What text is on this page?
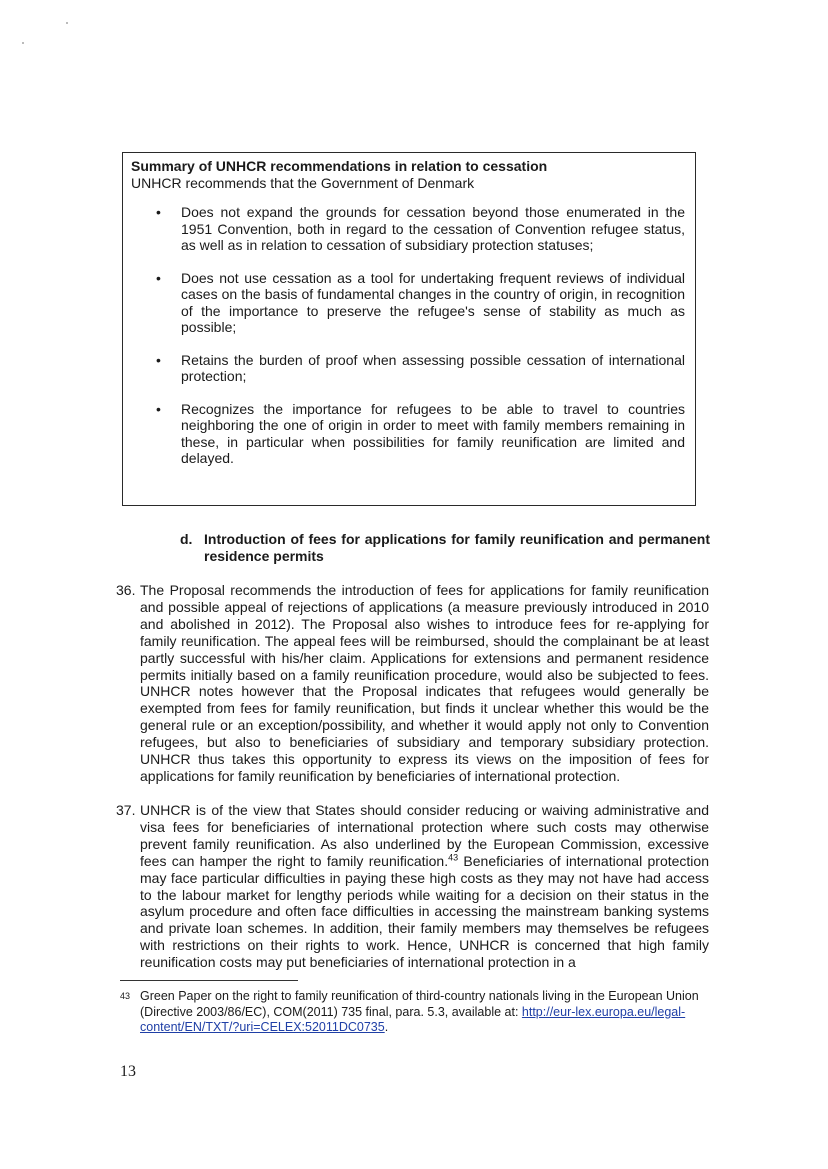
Summary of UNHCR recommendations in relation to cessation

UNHCR recommends that the Government of Denmark

• Does not expand the grounds for cessation beyond those enumerated in the 1951 Convention, both in regard to the cessation of Convention refugee status, as well as in relation to cessation of subsidiary protection statuses;
• Does not use cessation as a tool for undertaking frequent reviews of individual cases on the basis of fundamental changes in the country of origin, in recognition of the importance to preserve the refugee's sense of stability as much as possible;
• Retains the burden of proof when assessing possible cessation of international protection;
• Recognizes the importance for refugees to be able to travel to countries neighboring the one of origin in order to meet with family members remaining in these, in particular when possibilities for family reunification are limited and delayed.
d. Introduction of fees for applications for family reunification and permanent residence permits
36. The Proposal recommends the introduction of fees for applications for family reunification and possible appeal of rejections of applications (a measure previously introduced in 2010 and abolished in 2012). The Proposal also wishes to introduce fees for re-applying for family reunification. The appeal fees will be reimbursed, should the complainant be at least partly successful with his/her claim. Applications for extensions and permanent residence permits initially based on a family reunification procedure, would also be subjected to fees. UNHCR notes however that the Proposal indicates that refugees would generally be exempted from fees for family reunification, but finds it unclear whether this would be the general rule or an exception/possibility, and whether it would apply not only to Convention refugees, but also to beneficiaries of subsidiary and temporary subsidiary protection. UNHCR thus takes this opportunity to express its views on the imposition of fees for applications for family reunification by beneficiaries of international protection.
37. UNHCR is of the view that States should consider reducing or waiving administrative and visa fees for beneficiaries of international protection where such costs may otherwise prevent family reunification. As also underlined by the European Commission, excessive fees can hamper the right to family reunification.$^{43}$ Beneficiaries of international protection may face particular difficulties in paying these high costs as they may not have had access to the labour market for lengthy periods while waiting for a decision on their status in the asylum procedure and often face difficulties in accessing the mainstream banking systems and private loan schemes. In addition, their family members may themselves be refugees with restrictions on their rights to work. Hence, UNHCR is concerned that high family reunification costs may put beneficiaries of international protection in a
43 Green Paper on the right to family reunification of third-country nationals living in the European Union (Directive 2003/86/EC), COM(2011) 735 final, para. 5.3, available at: http://eur-lex.europa.eu/legal-content/EN/TXT/?uri=CELEX:52011DC0735.
13
